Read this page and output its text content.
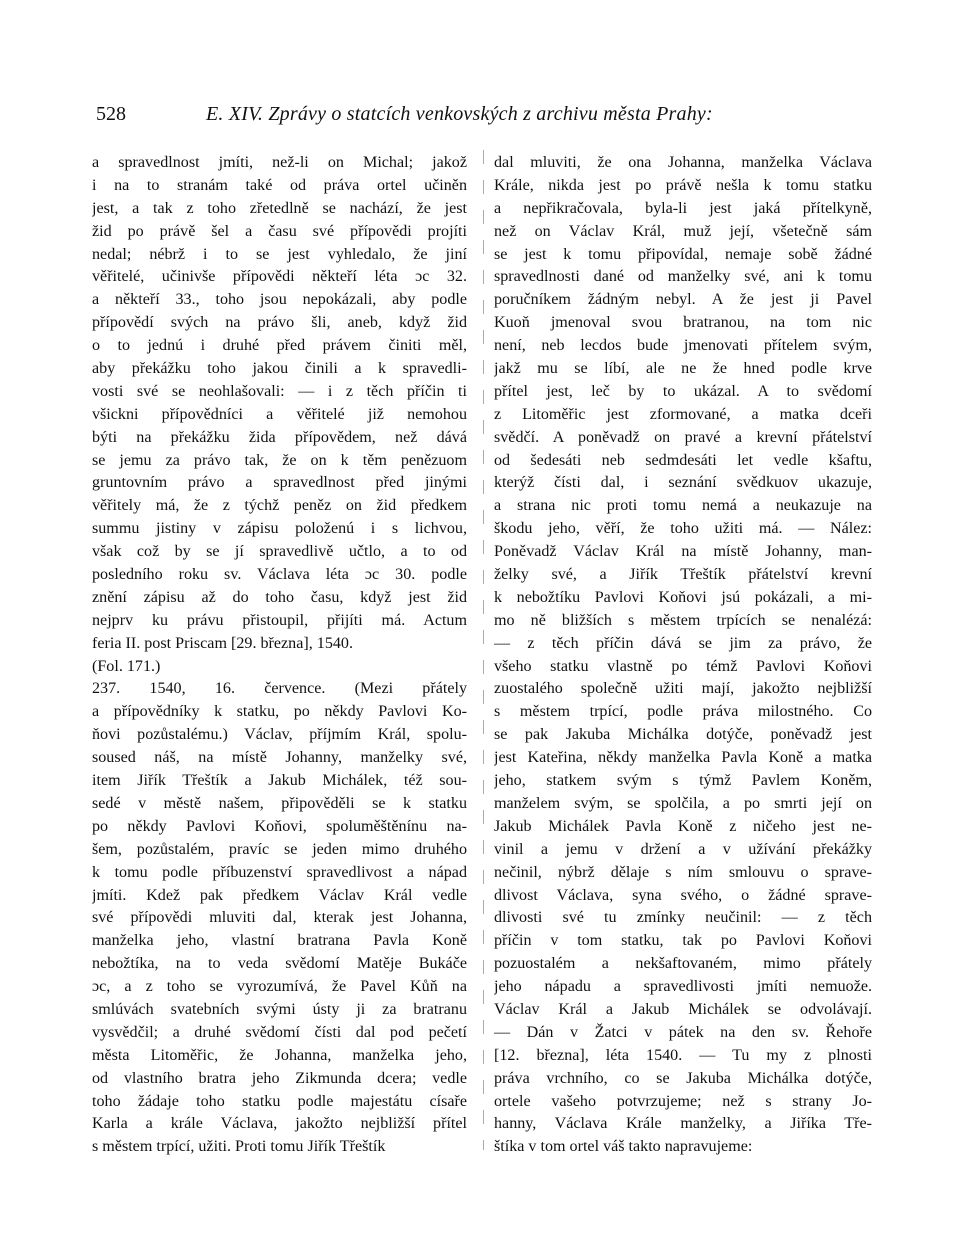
528	E. XIV. Zprávy o statcích venkovských z archivu města Prahy:
a spravedlnost jmíti, než-li on Michal; jakož
i na to stranám také od práva ortel učiněn
jest, a tak z toho zřetedlně se nachází, že jest
žid po právě šel a času své přípovědi projíti
nedal; nébrž i to se jest vyhledalo, že jiní
věřitelé, učinivše přípovědi někteří léta ɔc 32.
a někteří 33., toho jsou nepokázali, aby podle
přípovědí svých na právo šli, aneb, když žid
o to jednú i druhé před právem činiti měl,
aby překážku toho jakou činili a k spravedli-
vosti své se neohlašovali: — i z těch příčin ti
všickni přípovědníci a věřitelé již nemohou
býti na překážku žida přípovědem, než dává
se jemu za právo tak, že on k těm penězuom
gruntovním právo a spravedlnost před jinými
věřitely má, že z týchž peněz on žid předkem
summu jistiny v zápisu položenú i s lichvou,
však což by se jí spravedlivě učtlo, a to od
posledního roku sv. Václava léta ɔc 30. podle
znění zápisu až do toho času, když jest žid
nejprv ku právu přistoupil, přijíti má. Actum
feria II. post Priscam [29. března], 1540.
(Fol. 171.)
237. 1540, 16. července. (Mezi přátely
a přípovědníky k statku, po někdy Pavlovi Ko-
ňovi pozůstalému.) Václav, příjmím Král, spolu-
soused náš, na místě Johanny, manželky své,
item Jiřík Třeštík a Jakub Michálek, též sou-
sedé v městě našem, připověděli se k statku
po někdy Pavlovi Koňovi, spoluměštěnínu na-
šem, pozůstalém, pravíc se jeden mimo druhého
k tomu podle příbuzenství spravedlivost a nápad
jmíti. Kdež pak předkem Václav Král vedle
své přípovědi mluviti dal, kterak jest Johanna,
manželka jeho, vlastní bratrana Pavla Koně
nebožtíka, na to veda svědomí Matěje Bukáče
ɔc, a z toho se vyrozumívá, že Pavel Kůň na
smlúvách svatebních svými ústy ji za bratranu
vysvědčil; a druhé svědomí čísti dal pod pečetí
města Litoměřic, že Johanna, manželka jeho,
od vlastního bratra jeho Zikmunda dcera; vedle
toho žádaje toho statku podle majestátu císaře
Karla a krále Václava, jakožto nejbližší přítel
s městem trpící, užiti. Proti tomu Jiřík Třeštík
dal mluviti, že ona Johanna, manželka Václava
Krále, nikda jest po právě nešla k tomu statku
a nepřikračovala, byla-li jest jaká přítelkyně,
než on Václav Král, muž její, všetečně sám
se jest k tomu připovídal, nemaje sobě žádné
spravedlnosti dané od manželky své, ani k tomu
poručníkem žádným nebyl. A že jest ji Pavel
Kuoň jmenoval svou bratranou, na tom nic
není, neb lecdos bude jmenovati přítelem svým,
jakž mu se líbí, ale ne že hned podle krve
přítel jest, leč by to ukázal. A to svědomí
z Litoměřic jest zformované, a matka dceři
svědčí. A poněvadž on pravé a krevní přátelství
od šedesáti neb sedmdesáti let vedle kšaftu,
kterýž čísti dal, i seznání svědkuov ukazuje,
a strana nic proti tomu nemá a neukazuje na
škodu jeho, věří, že toho užiti má. — Nález:
Poněvadž Václav Král na místě Johanny, man-
želky své, a Jiřík Třeštík přátelství krevní
k nebožtíku Pavlovi Koňovi jsú pokázali, a mi-
mo ně bližších s městem trpících se nenalézá:
— z těch příčin dává se jim za právo, že
všeho statku vlastně po témž Pavlovi Koňovi
zuostalého společně užiti mají, jakožto nejbližší
s městem trpící, podle práva milostného. Co
se pak Jakuba Michálka dotýče, poněvadž jest
jest Kateřina, někdy manželka Pavla Koně a matka
jeho, statkem svým s týmž Pavlem Koněm,
manželem svým, se spolčila, a po smrti její on
Jakub Michálek Pavla Koně z ničeho jest ne-
vinil a jemu v držení a v užívání překážky
nečinil, nýbrž dělaje s ním smlouvu o sprave-
dlivost Václava, syna svého, o žádné sprave-
dlivosti své tu zmínky neučinil: — z těch
příčin v tom statku, tak po Pavlovi Koňovi
pozuostalém a nekšaftovaném, mimo přátely
jeho nápadu a spravedlivosti jmíti nemuože.
Václav Král a Jakub Michálek se odvolávají.
— Dán v Žatci v pátek na den sv. Řehoře
[12. března], léta 1540. — Tu my z plnosti
práva vrchního, co se Jakuba Michálka dotýče,
ortele vašeho potvrzujeme; než s strany Jo-
hanny, Václava Krále manželky, a Jiříka Tře-
štíka v tom ortel váš takto napravujeme:
